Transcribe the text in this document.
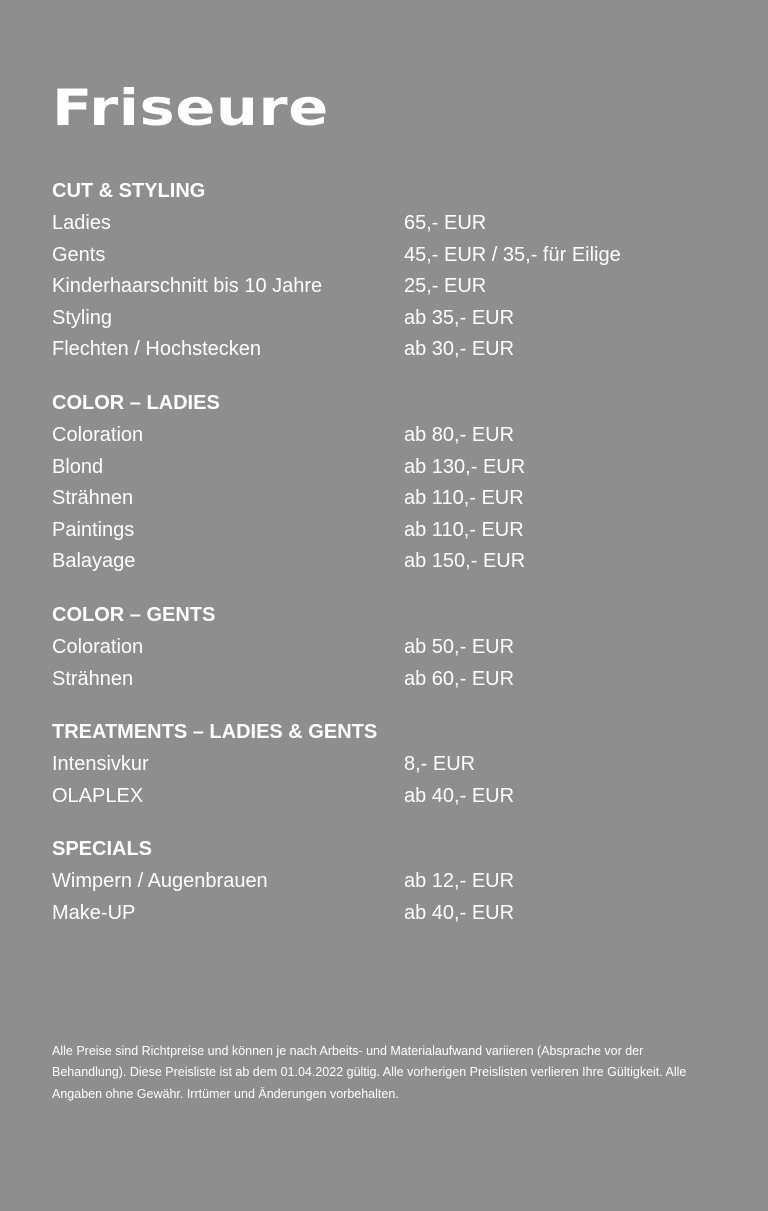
Friseure
CUT & STYLING
Ladies	65,- EUR
Gents	45,- EUR / 35,- für Eilige
Kinderhaarschnitt bis 10 Jahre	25,- EUR
Styling	ab 35,- EUR
Flechten / Hochstecken	ab 30,- EUR
COLOR – LADIES
Coloration	ab 80,- EUR
Blond	ab 130,- EUR
Strähnen	ab 110,- EUR
Paintings	ab 110,- EUR
Balayage	ab 150,- EUR
COLOR – GENTS
Coloration	ab 50,- EUR
Strähnen	ab 60,- EUR
TREATMENTS – LADIES & GENTS
Intensivkur	8,- EUR
OLAPLEX	ab 40,- EUR
SPECIALS
Wimpern / Augenbrauen	ab 12,- EUR
Make-UP	ab 40,- EUR

Alle Preise sind Richtpreise und können je nach Arbeits- und Materialaufwand variieren (Absprache vor der Behandlung). Diese Preisliste ist ab dem 01.04.2022 gültig. Alle vorherigen Preislisten verlieren Ihre Gültigkeit. Alle Angaben ohne Gewähr. Irrtümer und Änderungen vorbehalten.
